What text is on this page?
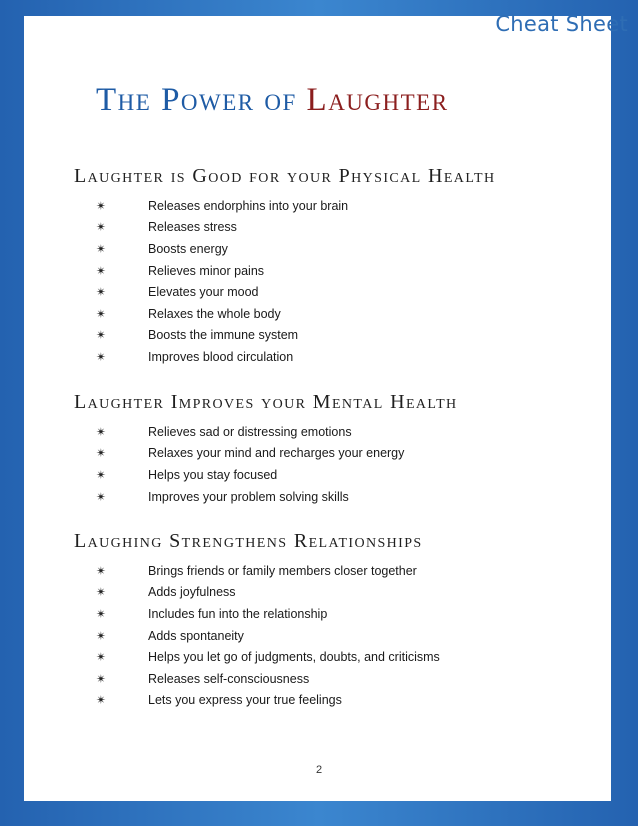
Cheat Sheet
The Power of Laughter
Laughter is Good for your Physical Health
✴	Releases endorphins into your brain
✴	Releases stress
✴	Boosts energy
✴	Relieves minor pains
✴	Elevates your mood
✴	Relaxes the whole body
✴	Boosts the immune system
✴	Improves blood circulation
Laughter Improves your Mental Health
✴	Relieves sad or distressing emotions
✴	Relaxes your mind and recharges your energy
✴	Helps you stay focused
✴	Improves your problem solving skills
Laughing Strengthens Relationships
✴	Brings friends or family members closer together
✴	Adds joyfulness
✴	Includes fun into the relationship
✴	Adds spontaneity
✴	Helps you let go of judgments, doubts, and criticisms
✴	Releases self-consciousness
✴	Lets you express your true feelings
2
